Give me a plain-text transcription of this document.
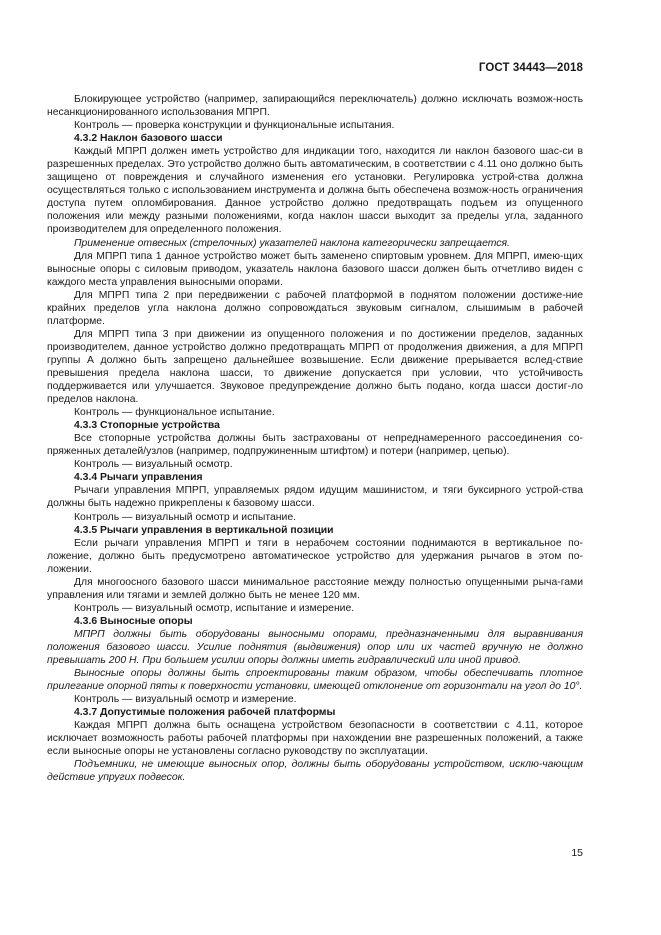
ГОСТ 34443—2018

Блокирующее устройство (например, запирающийся переключатель) должно исключать возмож-ность несанкционированного использования МПРП.

Контроль — проверка конструкции и функциональные испытания.

4.3.2 Наклон базового шасси

Каждый МПРП должен иметь устройство для индикации того, находится ли наклон базового шас-си в разрешенных пределах. Это устройство должно быть автоматическим, в соответствии с 4.11 оно должно быть защищено от повреждения и случайного изменения его установки. Регулировка устрой-ства должна осуществляться только с использованием инструмента и должна быть обеспечена возмож-ность ограничения доступа путем опломбирования. Данное устройство должно предотвращать подъем из опущенного положения или между разными положениями, когда наклон шасси выходит за пределы угла, заданного производителем для определенного положения.

Применение отвесных (стрелочных) указателей наклона категорически запрещается.

Для МПРП типа 1 данное устройство может быть заменено спиртовым уровнем. Для МПРП, имею-щих выносные опоры с силовым приводом, указатель наклона базового шасси должен быть отчетливо виден с каждого места управления выносными опорами.

Для МПРП типа 2 при передвижении с рабочей платформой в поднятом положении достиже-ние крайних пределов угла наклона должно сопровождаться звуковым сигналом, слышимым в рабочей платформе.

Для МПРП типа 3 при движении из опущенного положения и по достижении пределов, заданных производителем, данное устройство должно предотвращать МПРП от продолжения движения, а для МПРП группы А должно быть запрещено дальнейшее возвышение. Если движение прерывается вслед-ствие превышения предела наклона шасси, то движение допускается при условии, что устойчивость поддерживается или улучшается. Звуковое предупреждение должно быть подано, когда шасси достиг-ло пределов наклона.

Контроль — функциональное испытание.

4.3.3 Стопорные устройства

Все стопорные устройства должны быть застрахованы от непреднамеренного рассоединения со-пряженных деталей/узлов (например, подпружиненным штифтом) и потери (например, цепью).

Контроль — визуальный осмотр.

4.3.4 Рычаги управления

Рычаги управления МПРП, управляемых рядом идущим машинистом, и тяги буксирного устрой-ства должны быть надежно прикреплены к базовому шасси.

Контроль — визуальный осмотр и испытание.

4.3.5 Рычаги управления в вертикальной позиции

Если рычаги управления МПРП и тяги в нерабочем состоянии поднимаются в вертикальное по-ложение, должно быть предусмотрено автоматическое устройство для удержания рычагов в этом по-ложении.

Для многоосного базового шасси минимальное расстояние между полностью опущенными рыча-гами управления или тягами и землей должно быть не менее 120 мм.

Контроль — визуальный осмотр, испытание и измерение.

4.3.6 Выносные опоры

МПРП должны быть оборудованы выносными опорами, предназначенными для выравнивания положения базового шасси. Усилие поднятия (выдвижения) опор или их частей вручную не должно превышать 200 Н. При большем усилии опоры должны иметь гидравлический или иной привод.

Выносные опоры должны быть спроектированы таким образом, чтобы обеспечивать плотное прилегание опорной пяты к поверхности установки, имеющей отклонение от горизонтали на угол до 10°.

Контроль — визуальный осмотр и измерение.

4.3.7 Допустимые положения рабочей платформы

Каждая МПРП должна быть оснащена устройством безопасности в соответствии с 4.11, которое исключает возможность работы рабочей платформы при нахождении вне разрешенных положений, а также если выносные опоры не установлены согласно руководству по эксплуатации.

Подъемники, не имеющие выносных опор, должны быть оборудованы устройством, исклю-чающим действие упругих подвесок.

15
